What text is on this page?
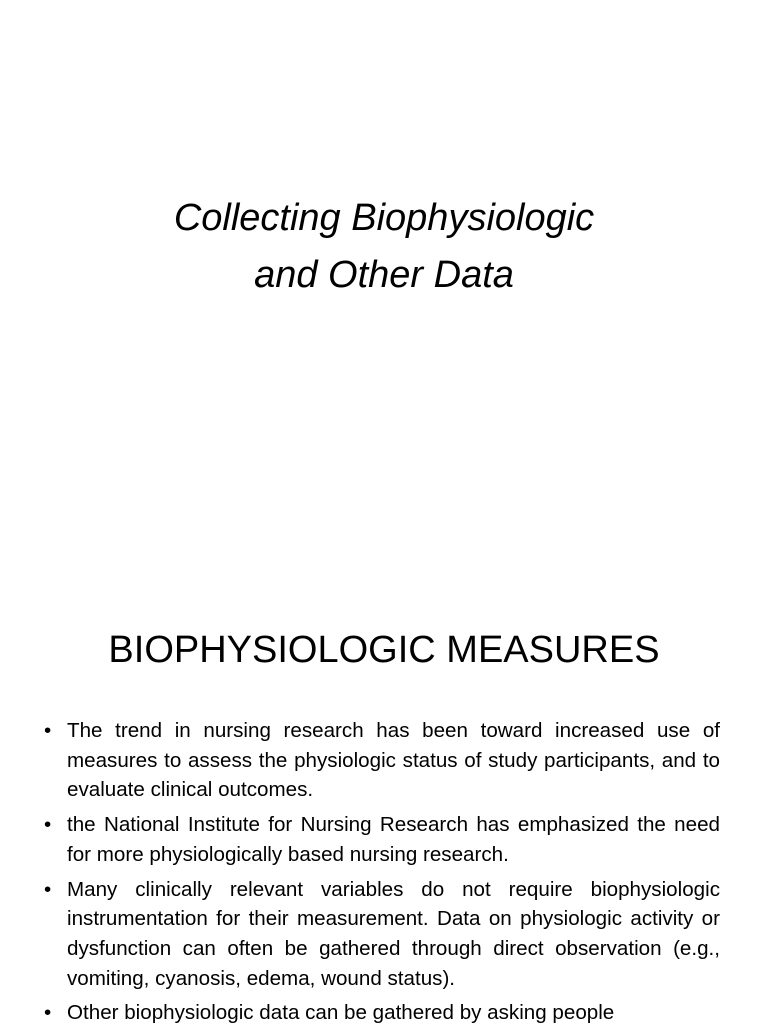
Collecting Biophysiologic
and Other Data
BIOPHYSIOLOGIC MEASURES
• The trend in nursing research has been toward increased use of measures to assess the physiologic status of study participants, and to evaluate clinical outcomes.
• the National Institute for Nursing Research has emphasized the need for more physiologically based nursing research.
• Many clinically relevant variables do not require biophysiologic instrumentation for their measurement. Data on physiologic activity or dysfunction can often be gathered through direct observation (e.g., vomiting, cyanosis, edema, wound status).
• Other biophysiologic data can be gathered by asking people
